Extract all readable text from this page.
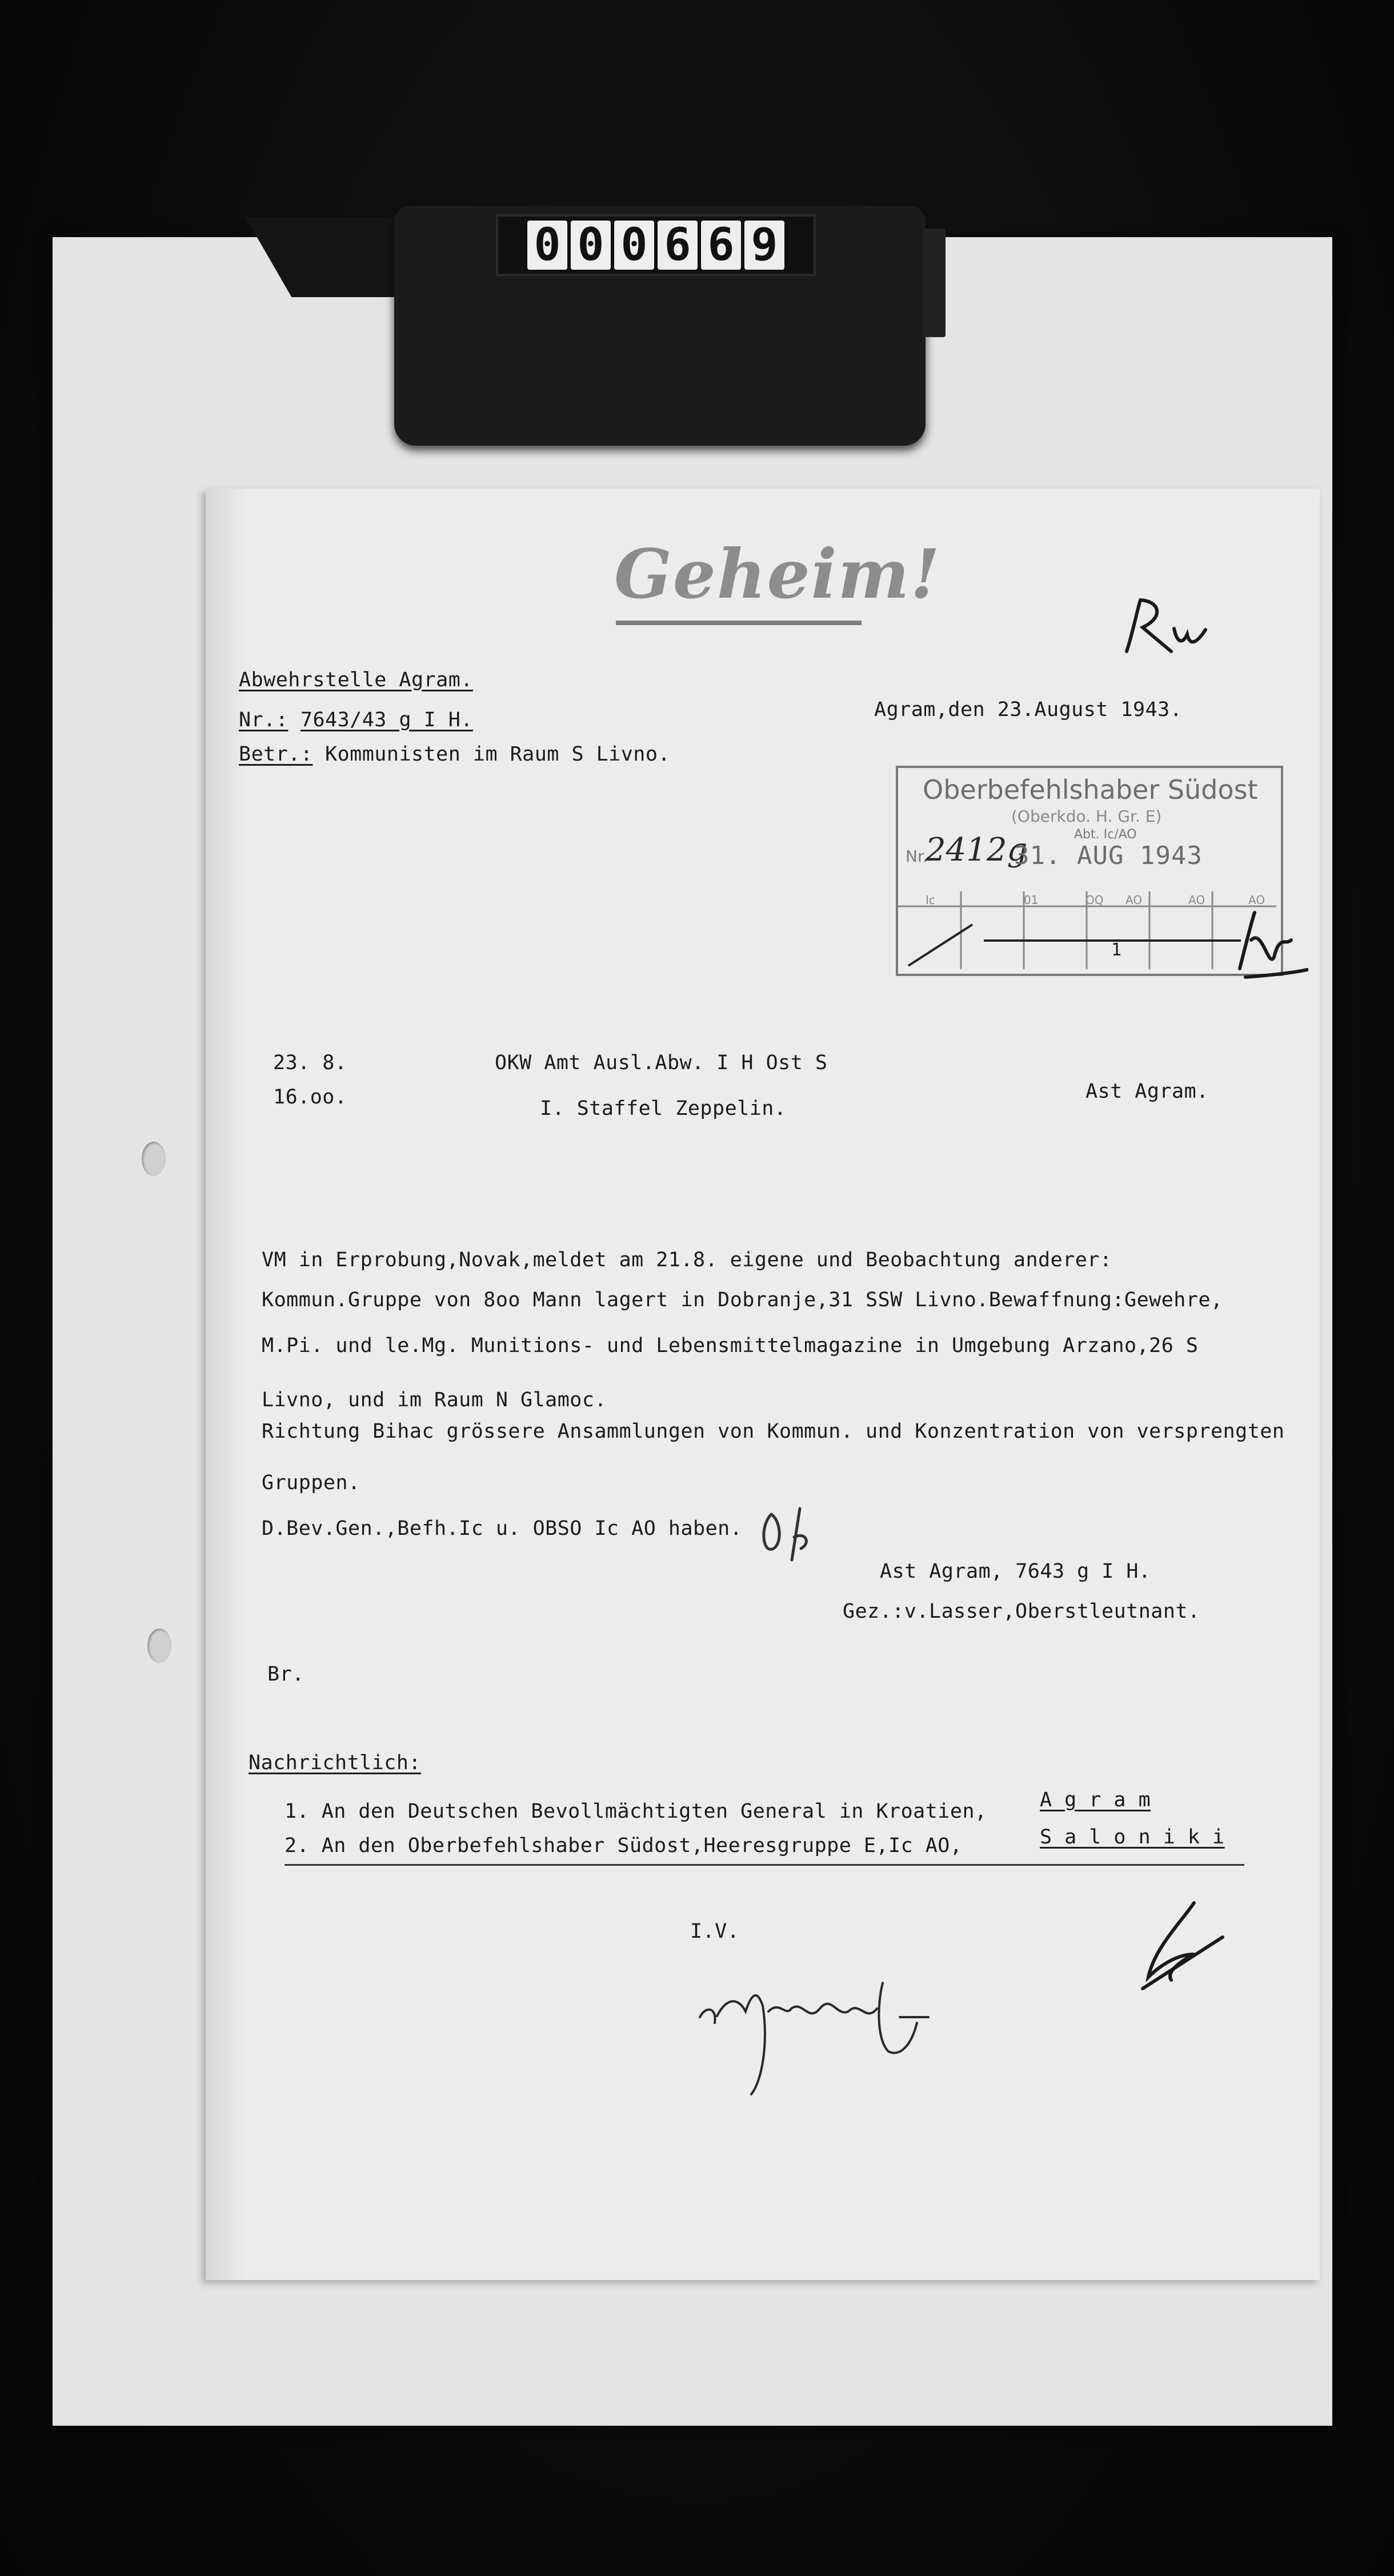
0 0 0 6 6 9
Geheim!	Rw
Abwehrstelle Agram.
Nr.: 7643/43 g I H.
Betr.: Kommunisten im Raum S Livno.
Agram,den 23.August 1943.
Oberbefehlshaber Südost
(Oberkdo. H. Gr. E)
Abt. Ic/AO
Nr.
2412g
31. AUG 1943
Ic	01	OQ AO	AO	AO
1
23. 8.
16.oo.
OKW Amt Ausl.Abw. I H Ost S
I. Staffel Zeppelin.
Ast Agram.
VM in Erprobung,Novak,meldet am 21.8. eigene und Beobachtung anderer:
Kommun.Gruppe von 8oo Mann lagert in Dobranje,31 SSW Livno.Bewaffnung:Gewehre,
M.Pi. und le.Mg. Munitions- und Lebensmittelmagazine in Umgebung Arzano,26 S
Livno, und im Raum N Glamoc.
Richtung Bihac grössere Ansammlungen von Kommun. und Konzentration von versprengten
Gruppen.
D.Bev.Gen.,Befh.Ic u. OBSO Ic AO haben.
Ob
Ast Agram, 7643 g I H.
Gez.:v.Lasser,Oberstleutnant.
Br.
Nachrichtlich:
1. An den Deutschen Bevollmächtigten General in Kroatien,	A g r a m
2. An den Oberbefehlshaber Südost,Heeresgruppe E,Ic AO,	S a l o n i k i
I.V.
